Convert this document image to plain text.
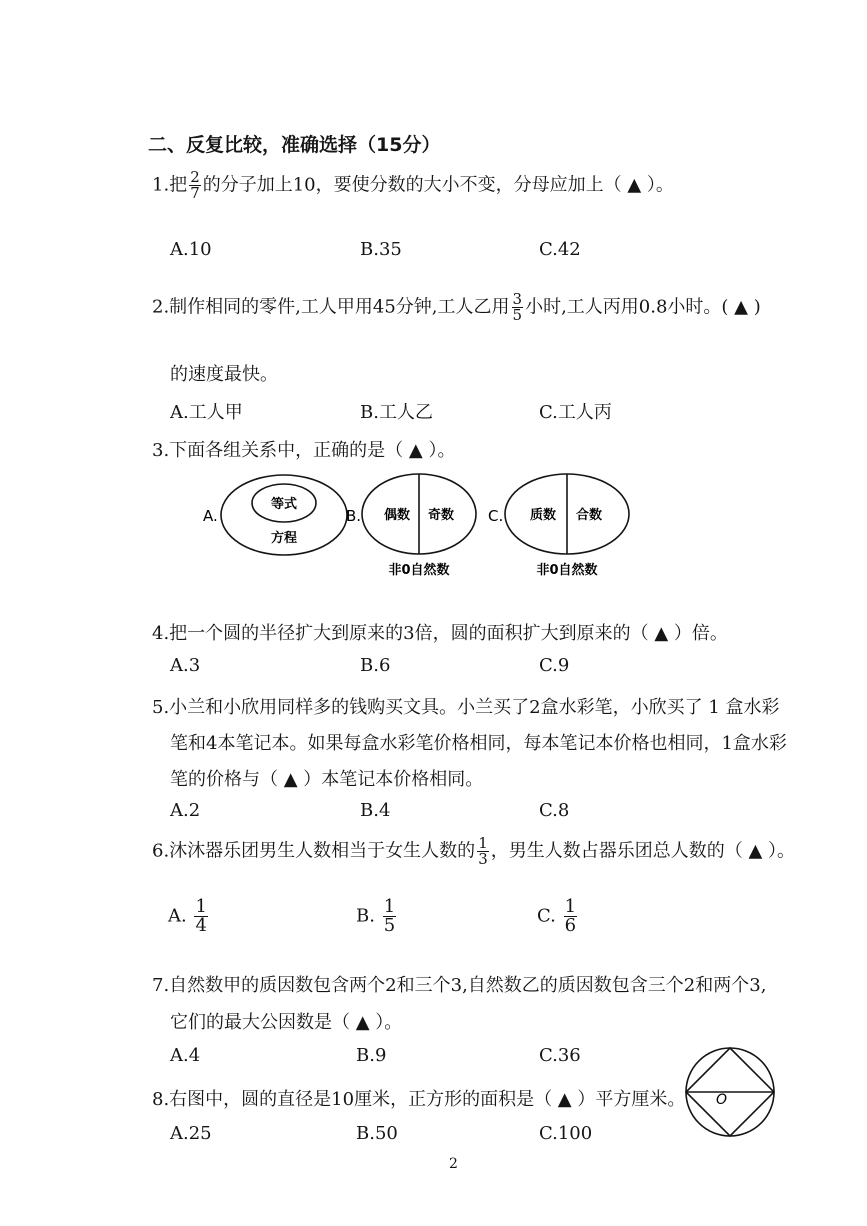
二、反复比较，准确选择（15分）
1.把 $\frac{2}{7}$ 的分子加上10，要使分数的大小不变，分母应加上（ ▲ ）。
A.10	B.35	C.42
2.制作相同的零件,工人甲用45分钟,工人乙用 $\frac{3}{5}$ 小时,工人丙用0.8小时。( ▲ )
的速度最快。
A.工人甲	B.工人乙	C.工人丙
3.下面各组关系中，正确的是（ ▲ ）。
A.
等式
方程
B. 偶数 奇数
非0自然数
C. 质数 合数
非0自然数
4.把一个圆的半径扩大到原来的3倍，圆的面积扩大到原来的（ ▲ ）倍。
A.3	B.6	C.9
5.小兰和小欣用同样多的钱购买文具。小兰买了2盒水彩笔，小欣买了 1 盒水彩
笔和4本笔记本。如果每盒水彩笔价格相同，每本笔记本价格也相同，1盒水彩
笔的价格与（ ▲ ）本笔记本价格相同。
A.2	B.4	C.8
6.沐沐器乐团男生人数相当于女生人数的 $\frac{1}{3}$ ，男生人数占器乐团总人数的（ ▲ ）。
A. $\frac{1}{4}$	B. $\frac{1}{5}$	C. $\frac{1}{6}$
7.自然数甲的质因数包含两个2和三个3,自然数乙的质因数包含三个2和两个3,
它们的最大公因数是（ ▲ ）。
A.4	B.9	C.36
8.右图中，圆的直径是10厘米，正方形的面积是（ ▲ ）平方厘米。
A.25	B.50	C.100
O
2
